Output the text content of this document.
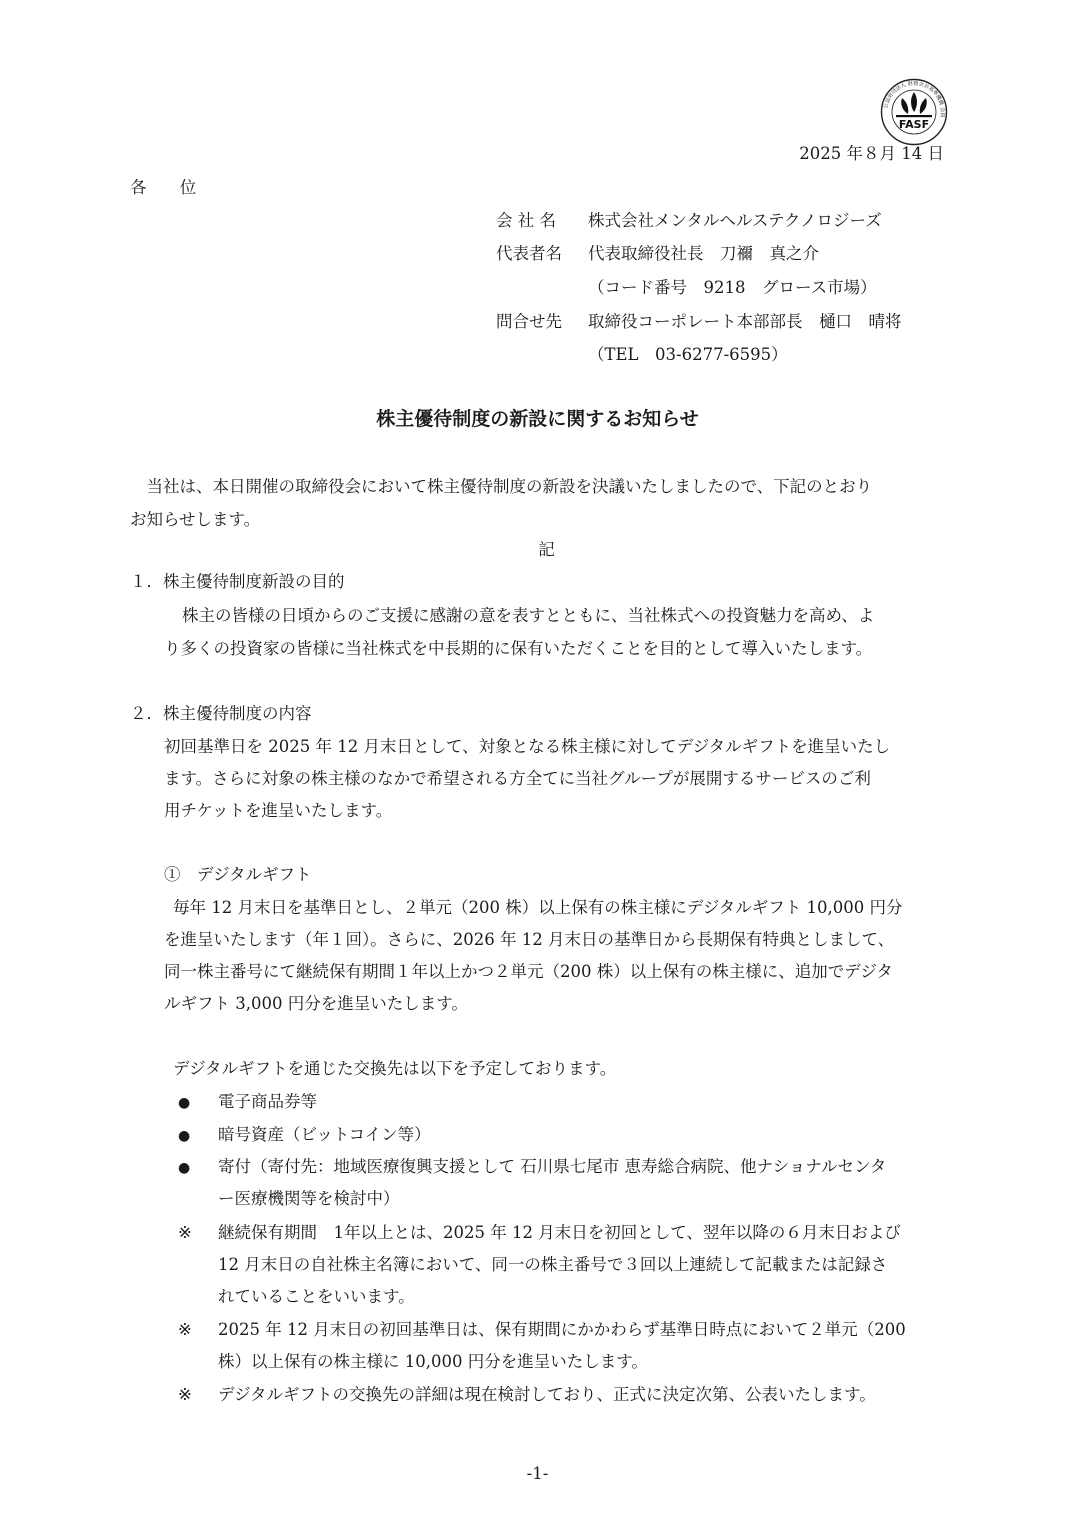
公益財団法人 財務会計基準機構 会員
FASF
2025 年８月 14 日
各 位
会 社 名 株式会社メンタルヘルステクノロジーズ
代表者名 代表取締役社長　刀禰　真之介
（コード番号　9218　グロース市場）
問合せ先 取締役コーポレート本部部長　樋口　晴将
（TEL　03-6277-6595）
株主優待制度の新設に関するお知らせ
　当社は、本日開催の取締役会において株主優待制度の新設を決議いたしましたので、下記のとおり
お知らせします。
記
１．株主優待制度新設の目的
株主の皆様の日頃からのご支援に感謝の意を表すとともに、当社株式への投資魅力を高め、よ
り多くの投資家の皆様に当社株式を中長期的に保有いただくことを目的として導入いたします。
２．株主優待制度の内容
初回基準日を 2025 年 12 月末日として、対象となる株主様に対してデジタルギフトを進呈いたし
ます。さらに対象の株主様のなかで希望される方全てに当社グループが展開するサービスのご利
用チケットを進呈いたします。
①　デジタルギフト
毎年 12 月末日を基準日とし、２単元（200 株）以上保有の株主様にデジタルギフト 10,000 円分
を進呈いたします（年１回）。さらに、2026 年 12 月末日の基準日から長期保有特典としまして、
同一株主番号にて継続保有期間１年以上かつ２単元（200 株）以上保有の株主様に、追加でデジタ
ルギフト 3,000 円分を進呈いたします。
デジタルギフトを通じた交換先は以下を予定しております。
● 電子商品券等
● 暗号資産（ビットコイン等）
● 寄付（寄付先：地域医療復興支援として 石川県七尾市 恵寿総合病院、他ナショナルセンタ
ー医療機関等を検討中）
※ 継続保有期間　1年以上とは、2025 年 12 月末日を初回として、翌年以降の６月末日および
12 月末日の自社株主名簿において、同一の株主番号で３回以上連続して記載または記録さ
れていることをいいます。
※ 2025 年 12 月末日の初回基準日は、保有期間にかかわらず基準日時点において２単元（200
株）以上保有の株主様に 10,000 円分を進呈いたします。
※ デジタルギフトの交換先の詳細は現在検討しており、正式に決定次第、公表いたします。
-1-
